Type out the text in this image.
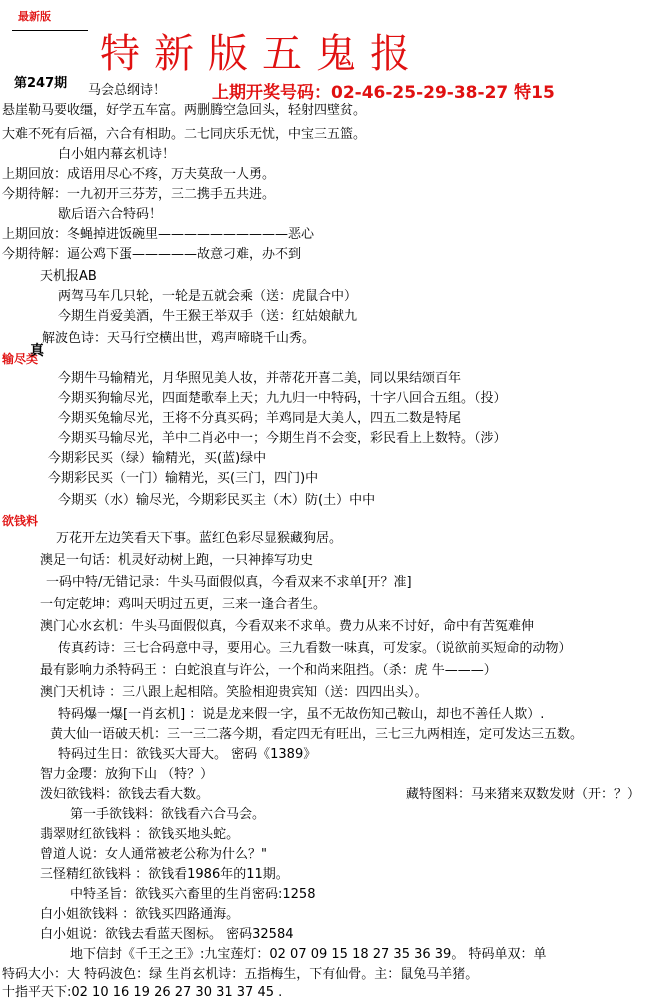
最新版
特新版五鬼报
第247期	上期开奖号码：02-46-25-29-38-27 特15
输尽类
真
欲钱料
马会总纲诗！
悬崖勒马要收缰，好学五车富。两删腾空急回头，轻射四壁贫。
大难不死有后福，六合有相助。二七同庆乐无忧，中宝三五篮。
白小姐内幕玄机诗！
上期回放：成语用尽心不疼，万夫莫敌一人勇。
今期待解：一九初开三芬芳，三二携手五共进。
歇后语六合特码！
上期回放：冬蝇掉进饭碗里——————————恶心
今期待解：逼公鸡下蛋—————故意刁难，办不到
天机报AB
两驾马车几只轮，一轮是五就会乘（送：虎鼠合中）
今期生肖爱美酒，牛王猴王举双手（送：红姑娘献九
解波色诗：天马行空横出世，鸡声啼晓千山秀。
今期牛马输精光，月华照见美人妆，并蒂花开喜二美，同以果结颂百年
今期买狗输尽光，四面楚歌奉上天；九九归一中特码，十字八回合五组。（投）
今期买兔输尽光，王将不分真买码；羊鸡同是大美人，四五二数是特尾
今期买马输尽光，羊中二肖必中一；今期生肖不会变，彩民看上上数特。（涉）
今期彩民买（绿）输精光，买(蓝)绿中
今期彩民买（一门）输精光，买(三门，四门)中
今期买（水）输尽光，今期彩民买主（木）防(土）中中
万花开左边笑看天下事。蓝红色彩尽显猴藏狗居。
澳足一句话：机灵好动树上跑，一只神捧写功史
一码中特/无错记录：牛头马面假似真，今看双来不求单[开？准]
一句定乾坤：鸡叫天明过五更，三来一逢合者生。
澳门心水玄机：牛头马面假似真，今看双来不求单。费力从来不讨好，命中有苦冤难伸
传真药诗：三七合码意中寻，要用心。三九看数一味真，可发家。（说欲前买短命的动物）
最有影响力杀特码王 ：白蛇浪直与许公，一个和尚来阻挡。（杀：虎 牛———）
澳门天机诗 ：三八跟上起相陪。笑脸相迎贵宾知（送：四四出头）。
特码爆一爆[一肖玄机] ：说是龙来假一字，虽不无故伤知己鞍山，却也不善任人欺）.
黄大仙一语破天机：三一三二落今期，看定四无有旺出，三七三九两相连，定可发达三五数。
特码过生日：欲钱买大哥大。 密码《1389》
智力金璎：放狗下山 （特？）
泼妇欲钱料：欲钱去看大数。	藏特图料：马来猪来双数发财（开：？）
第一手欲钱料：欲钱看六合马会。
翡翠财红欲钱料 ：欲钱买地头蛇。
曾道人说：女人通常被老公称为什么？"
三怪精红欲钱料 ：欲钱看1986年的11期。
中特圣旨：欲钱买六畜里的生肖密码:1258
白小姐欲钱料 ：欲钱买四路通海。
白小姐说：欲钱去看蓝天图标。 密码32584
地下信封《千王之王》:九宝莲灯：02 07 09 15 18 27 35 36 39。 特码单双：单
特码大小：大 特码波色：绿 生肖玄机诗：五指梅生，下有仙骨。主：鼠兔马羊猪。
十指平天下:02 10 16 19 26 27 30 31 37 45 .
